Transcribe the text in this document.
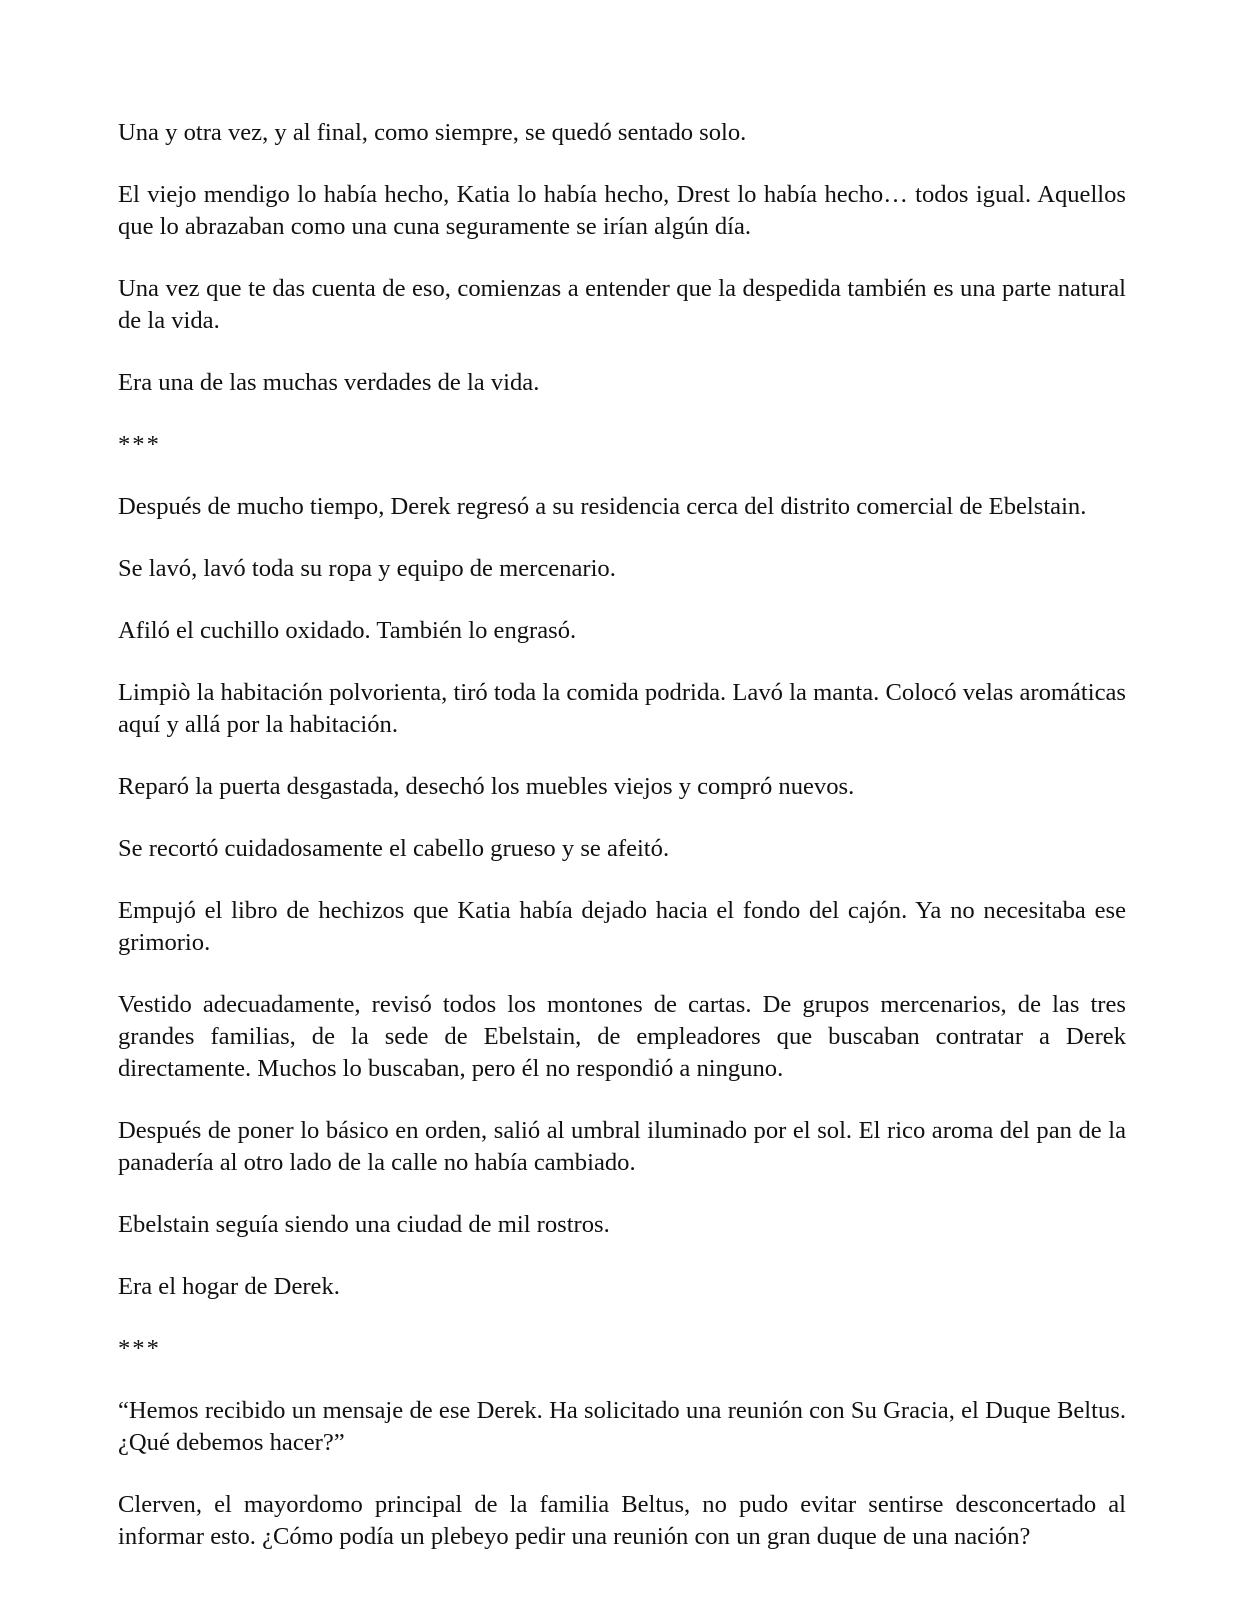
Una y otra vez, y al final, como siempre, se quedó sentado solo.

El viejo mendigo lo había hecho, Katia lo había hecho, Drest lo había hecho… todos igual. Aquellos que lo abrazaban como una cuna seguramente se irían algún día.

Una vez que te das cuenta de eso, comienzas a entender que la despedida también es una parte natural de la vida.

Era una de las muchas verdades de la vida.

***

Después de mucho tiempo, Derek regresó a su residencia cerca del distrito comercial de Ebelstain.

Se lavó, lavó toda su ropa y equipo de mercenario.

Afiló el cuchillo oxidado. También lo engrasó.

Limpiò la habitación polvorienta, tiró toda la comida podrida. Lavó la manta. Colocó velas aromáticas aquí y allá por la habitación.

Reparó la puerta desgastada, desechó los muebles viejos y compró nuevos.

Se recortó cuidadosamente el cabello grueso y se afeitó.

Empujó el libro de hechizos que Katia había dejado hacia el fondo del cajón. Ya no necesitaba ese grimorio.

Vestido adecuadamente, revisó todos los montones de cartas. De grupos mercenarios, de las tres grandes familias, de la sede de Ebelstain, de empleadores que buscaban contratar a Derek directamente. Muchos lo buscaban, pero él no respondió a ninguno.

Después de poner lo básico en orden, salió al umbral iluminado por el sol. El rico aroma del pan de la panadería al otro lado de la calle no había cambiado.

Ebelstain seguía siendo una ciudad de mil rostros.

Era el hogar de Derek.

***

“Hemos recibido un mensaje de ese Derek. Ha solicitado una reunión con Su Gracia, el Duque Beltus. ¿Qué debemos hacer?”

Clerven, el mayordomo principal de la familia Beltus, no pudo evitar sentirse desconcertado al informar esto. ¿Cómo podía un plebeyo pedir una reunión con un gran duque de una nación?
